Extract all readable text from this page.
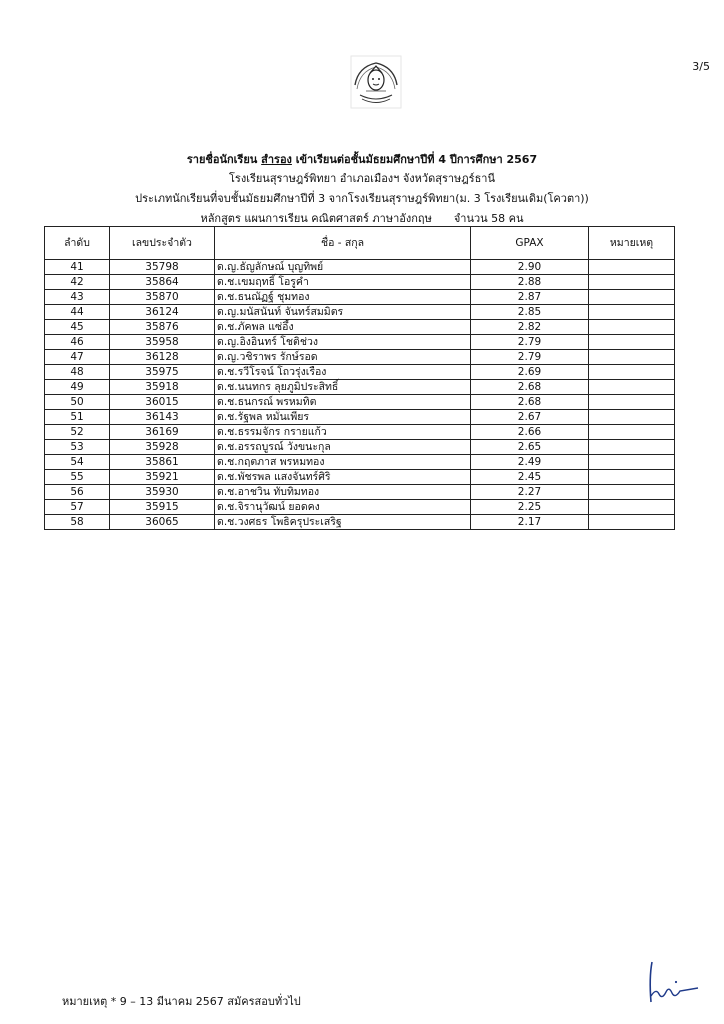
3/5
รายชื่อนักเรียน สำรอง เข้าเรียนต่อชั้นมัธยมศึกษาปีที่ 4 ปีการศึกษา 2567
โรงเรียนสุราษฎร์พิทยา อำเภอเมืองฯ จังหวัดสุราษฎร์ธานี
ประเภทนักเรียนที่จบชั้นมัธยมศึกษาปีที่ 3 จากโรงเรียนสุราษฎร์พิทยา(ม. 3 โรงเรียนเดิม(โควตา))
หลักสูตร แผนการเรียน คณิตศาสตร์ ภาษาอังกฤษ จำนวน 58 คน
ลำดับ	เลขประจำตัว	ชื่อ - สกุล	GPAX	หมายเหตุ
41	35798	ด.ญ.ธัญลักษณ์ บุญทิพย์	2.90	
42	35864	ด.ช.เขมฤทธิ์ โอรูคำ	2.88	
43	35870	ด.ช.ธนณัฏฐ์ ชุมทอง	2.87	
44	36124	ด.ญ.มนัสนันท์ จันทร์สมมิตร	2.85	
45	35876	ด.ช.ภัคพล แซ่อึ้ง	2.82	
46	35958	ด.ญ.อิงอินทร์ โชติช่วง	2.79	
47	36128	ด.ญ.วชิราพร รักษ์รอด	2.79	
48	35975	ด.ช.รวีโรจน์ โถวรุ่งเรือง	2.69	
49	35918	ด.ช.นนทกร ลุยภูมิประสิทธิ์	2.68	
50	36015	ด.ช.ธนกรณ์ พรหมทิต	2.68	
51	36143	ด.ช.รัฐพล หมั่นเพียร	2.67	
52	36169	ด.ช.ธรรมจักร กรายแก้ว	2.66	
53	35928	ด.ช.อรรถบูรณ์ วังขนะกุล	2.65	
54	35861	ด.ช.กฤตภาส พรหมทอง	2.49	
55	35921	ด.ช.พัชรพล แสงจันทร์ศิริ	2.45	
56	35930	ด.ช.อาชวิน ทับทิมทอง	2.27	
57	35915	ด.ช.จิรานุวัฒน์ ยอดคง	2.25	
58	36065	ด.ช.วงศธร โพธิครุประเสริฐ	2.17	
หมายเหตุ * 9 – 13 มีนาคม 2567 สมัครสอบทั่วไป
